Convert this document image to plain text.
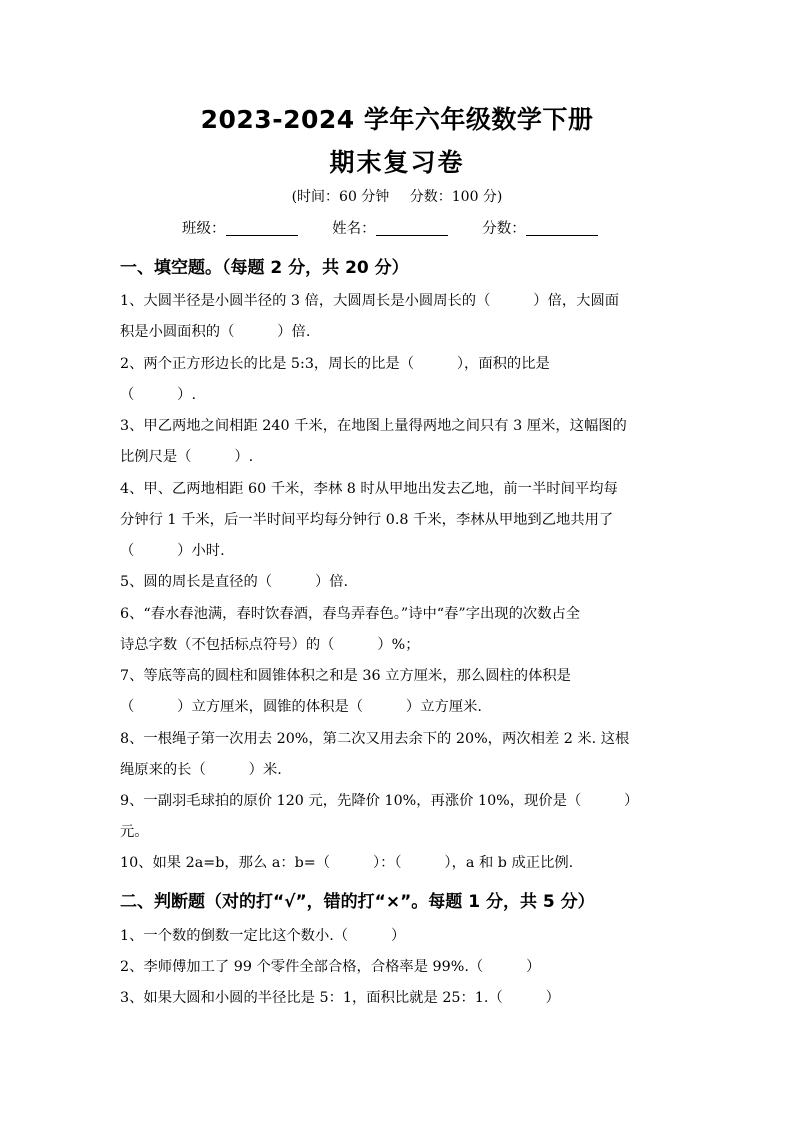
2023-2024 学年六年级数学下册
期末复习卷
(时间：60 分钟 分数：100 分)
班级：	姓名：	分数：
一、填空题。（每题 2 分，共 20 分）
1、大圆半径是小圆半径的 3 倍，大圆周长是小圆周长的（　　　）倍，大圆面
积是小圆面积的（　　　）倍.
2、两个正方形边长的比是 5:3，周长的比是（　　　），面积的比是
（　　　）.
3、甲乙两地之间相距 240 千米，在地图上量得两地之间只有 3 厘米，这幅图的
比例尺是（　　　）.
4、甲、乙两地相距 60 千米，李林 8 时从甲地出发去乙地，前一半时间平均每
分钟行 1 千米，后一半时间平均每分钟行 0.8 千米，李林从甲地到乙地共用了
（　　　）小时.
5、圆的周长是直径的（　　　）倍.
6、“春水春池满，春时饮春酒，春鸟弄春色。”诗中“春”字出现的次数占全
诗总字数（不包括标点符号）的（　　　）%；
7、等底等高的圆柱和圆锥体积之和是 36 立方厘米，那么圆柱的体积是
（　　　）立方厘米，圆锥的体积是（　　　）立方厘米.
8、一根绳子第一次用去 20%，第二次又用去余下的 20%，两次相差 2 米. 这根
绳原来的长（　　　）米.
9、一副羽毛球拍的原价 120 元，先降价 10%，再涨价 10%，现价是（　　　）
元。
10、如果 2a=b，那么 a：b=（　　　）：（　　　），a 和 b 成正比例.
二、判断题（对的打“√”，错的打“×”。每题 1 分，共 5 分）
1、一个数的倒数一定比这个数小.（　　　）
2、李师傅加工了 99 个零件全部合格，合格率是 99%.（　　　）
3、如果大圆和小圆的半径比是 5：1，面积比就是 25：1.（　　　）
